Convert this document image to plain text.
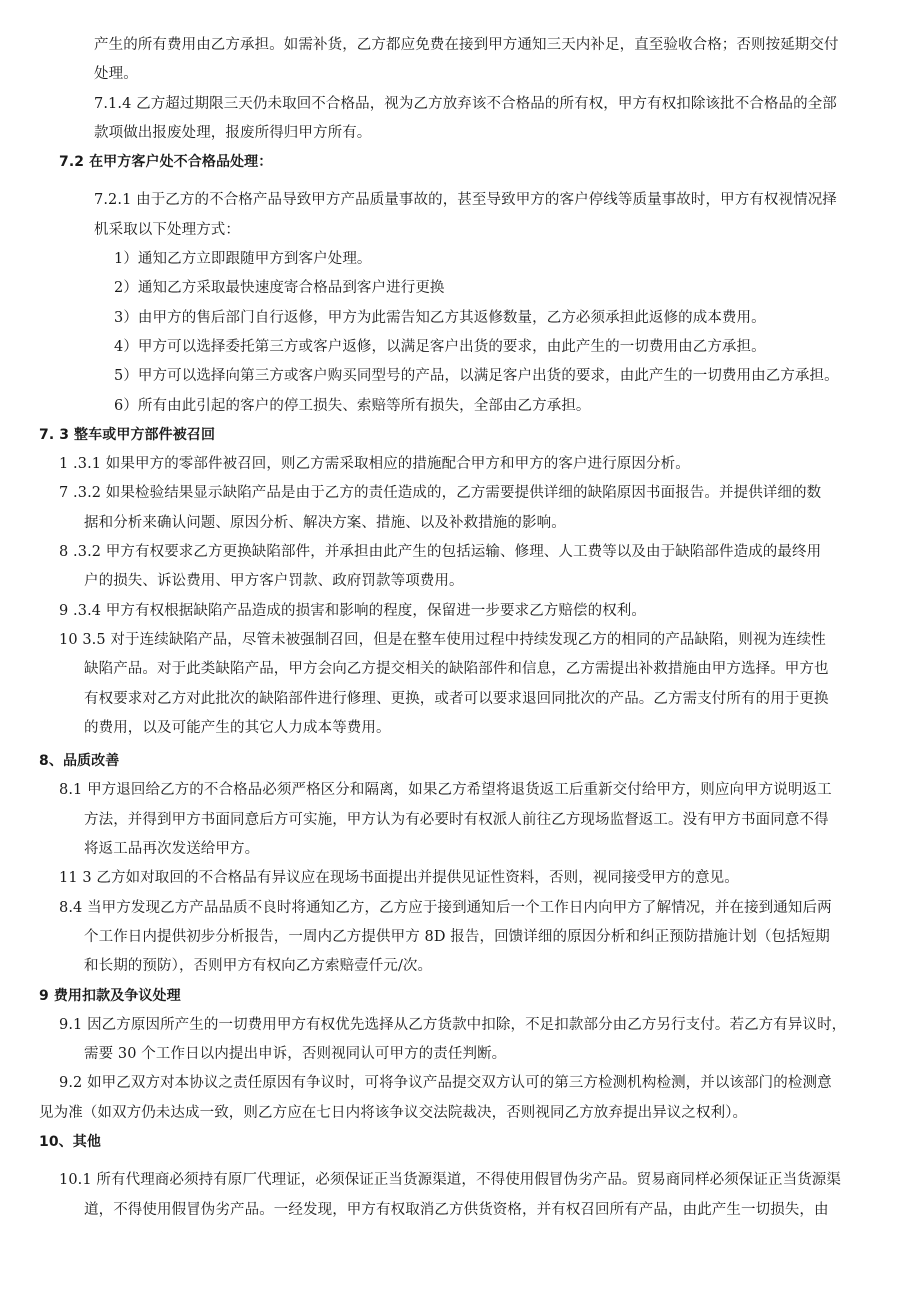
产生的所有费用由乙方承担。如需补货，乙方都应免费在接到甲方通知三天内补足，直至验收合格；否则按延期交付
处理。
7.1.4 乙方超过期限三天仍未取回不合格品，视为乙方放弃该不合格品的所有权，甲方有权扣除该批不合格品的全部
款项做出报废处理，报废所得归甲方所有。
7.2 在甲方客户处不合格品处理：
7.2.1 由于乙方的不合格产品导致甲方产品质量事故的，甚至导致甲方的客户停线等质量事故时，甲方有权视情况择
机采取以下处理方式：
1）通知乙方立即跟随甲方到客户处理。
2）通知乙方采取最快速度寄合格品到客户进行更换
3）由甲方的售后部门自行返修，甲方为此需告知乙方其返修数量，乙方必须承担此返修的成本费用。
4）甲方可以选择委托第三方或客户返修，以满足客户出货的要求，由此产生的一切费用由乙方承担。
5）甲方可以选择向第三方或客户购买同型号的产品，以满足客户出货的要求，由此产生的一切费用由乙方承担。
6）所有由此引起的客户的停工损失、索赔等所有损失，全部由乙方承担。
7. 3 整车或甲方部件被召回
1 .3.1 如果甲方的零部件被召回，则乙方需采取相应的措施配合甲方和甲方的客户进行原因分析。
7 .3.2 如果检验结果显示缺陷产品是由于乙方的责任造成的，乙方需要提供详细的缺陷原因书面报告。并提供详细的数
据和分析来确认问题、原因分析、解决方案、措施、以及补救措施的影响。
8 .3.2 甲方有权要求乙方更换缺陷部件，并承担由此产生的包括运输、修理、人工费等以及由于缺陷部件造成的最终用
户的损失、诉讼费用、甲方客户罚款、政府罚款等项费用。
9 .3.4 甲方有权根据缺陷产品造成的损害和影响的程度，保留进一步要求乙方赔偿的权利。
10 3.5 对于连续缺陷产品，尽管未被强制召回，但是在整车使用过程中持续发现乙方的相同的产品缺陷，则视为连续性
缺陷产品。对于此类缺陷产品，甲方会向乙方提交相关的缺陷部件和信息，乙方需提出补救措施由甲方选择。甲方也
有权要求对乙方对此批次的缺陷部件进行修理、更换，或者可以要求退回同批次的产品。乙方需支付所有的用于更换
的费用，以及可能产生的其它人力成本等费用。
8、品质改善
8.1 甲方退回给乙方的不合格品必须严格区分和隔离，如果乙方希望将退货返工后重新交付给甲方，则应向甲方说明返工
方法，并得到甲方书面同意后方可实施，甲方认为有必要时有权派人前往乙方现场监督返工。没有甲方书面同意不得
将返工品再次发送给甲方。
11 3 乙方如对取回的不合格品有异议应在现场书面提出并提供见证性资料，否则，视同接受甲方的意见。
8.4 当甲方发现乙方产品品质不良时将通知乙方，乙方应于接到通知后一个工作日内向甲方了解情况，并在接到通知后两
个工作日内提供初步分析报告，一周内乙方提供甲方 8D 报告，回馈详细的原因分析和纠正预防措施计划（包括短期
和长期的预防），否则甲方有权向乙方索赔壹仟元/次。
9 费用扣款及争议处理
9.1 因乙方原因所产生的一切费用甲方有权优先选择从乙方货款中扣除，不足扣款部分由乙方另行支付。若乙方有异议时，
需要 30 个工作日以内提出申诉，否则视同认可甲方的责任判断。
9.2 如甲乙双方对本协议之责任原因有争议时，可将争议产品提交双方认可的第三方检测机构检测，并以该部门的检测意
见为准（如双方仍未达成一致，则乙方应在七日内将该争议交法院裁决，否则视同乙方放弃提出异议之权利）。
10、其他
10.1 所有代理商必须持有原厂代理证，必须保证正当货源渠道，不得使用假冒伪劣产品。贸易商同样必须保证正当货源渠
道，不得使用假冒伪劣产品。一经发现，甲方有权取消乙方供货资格，并有权召回所有产品，由此产生一切损失，由
